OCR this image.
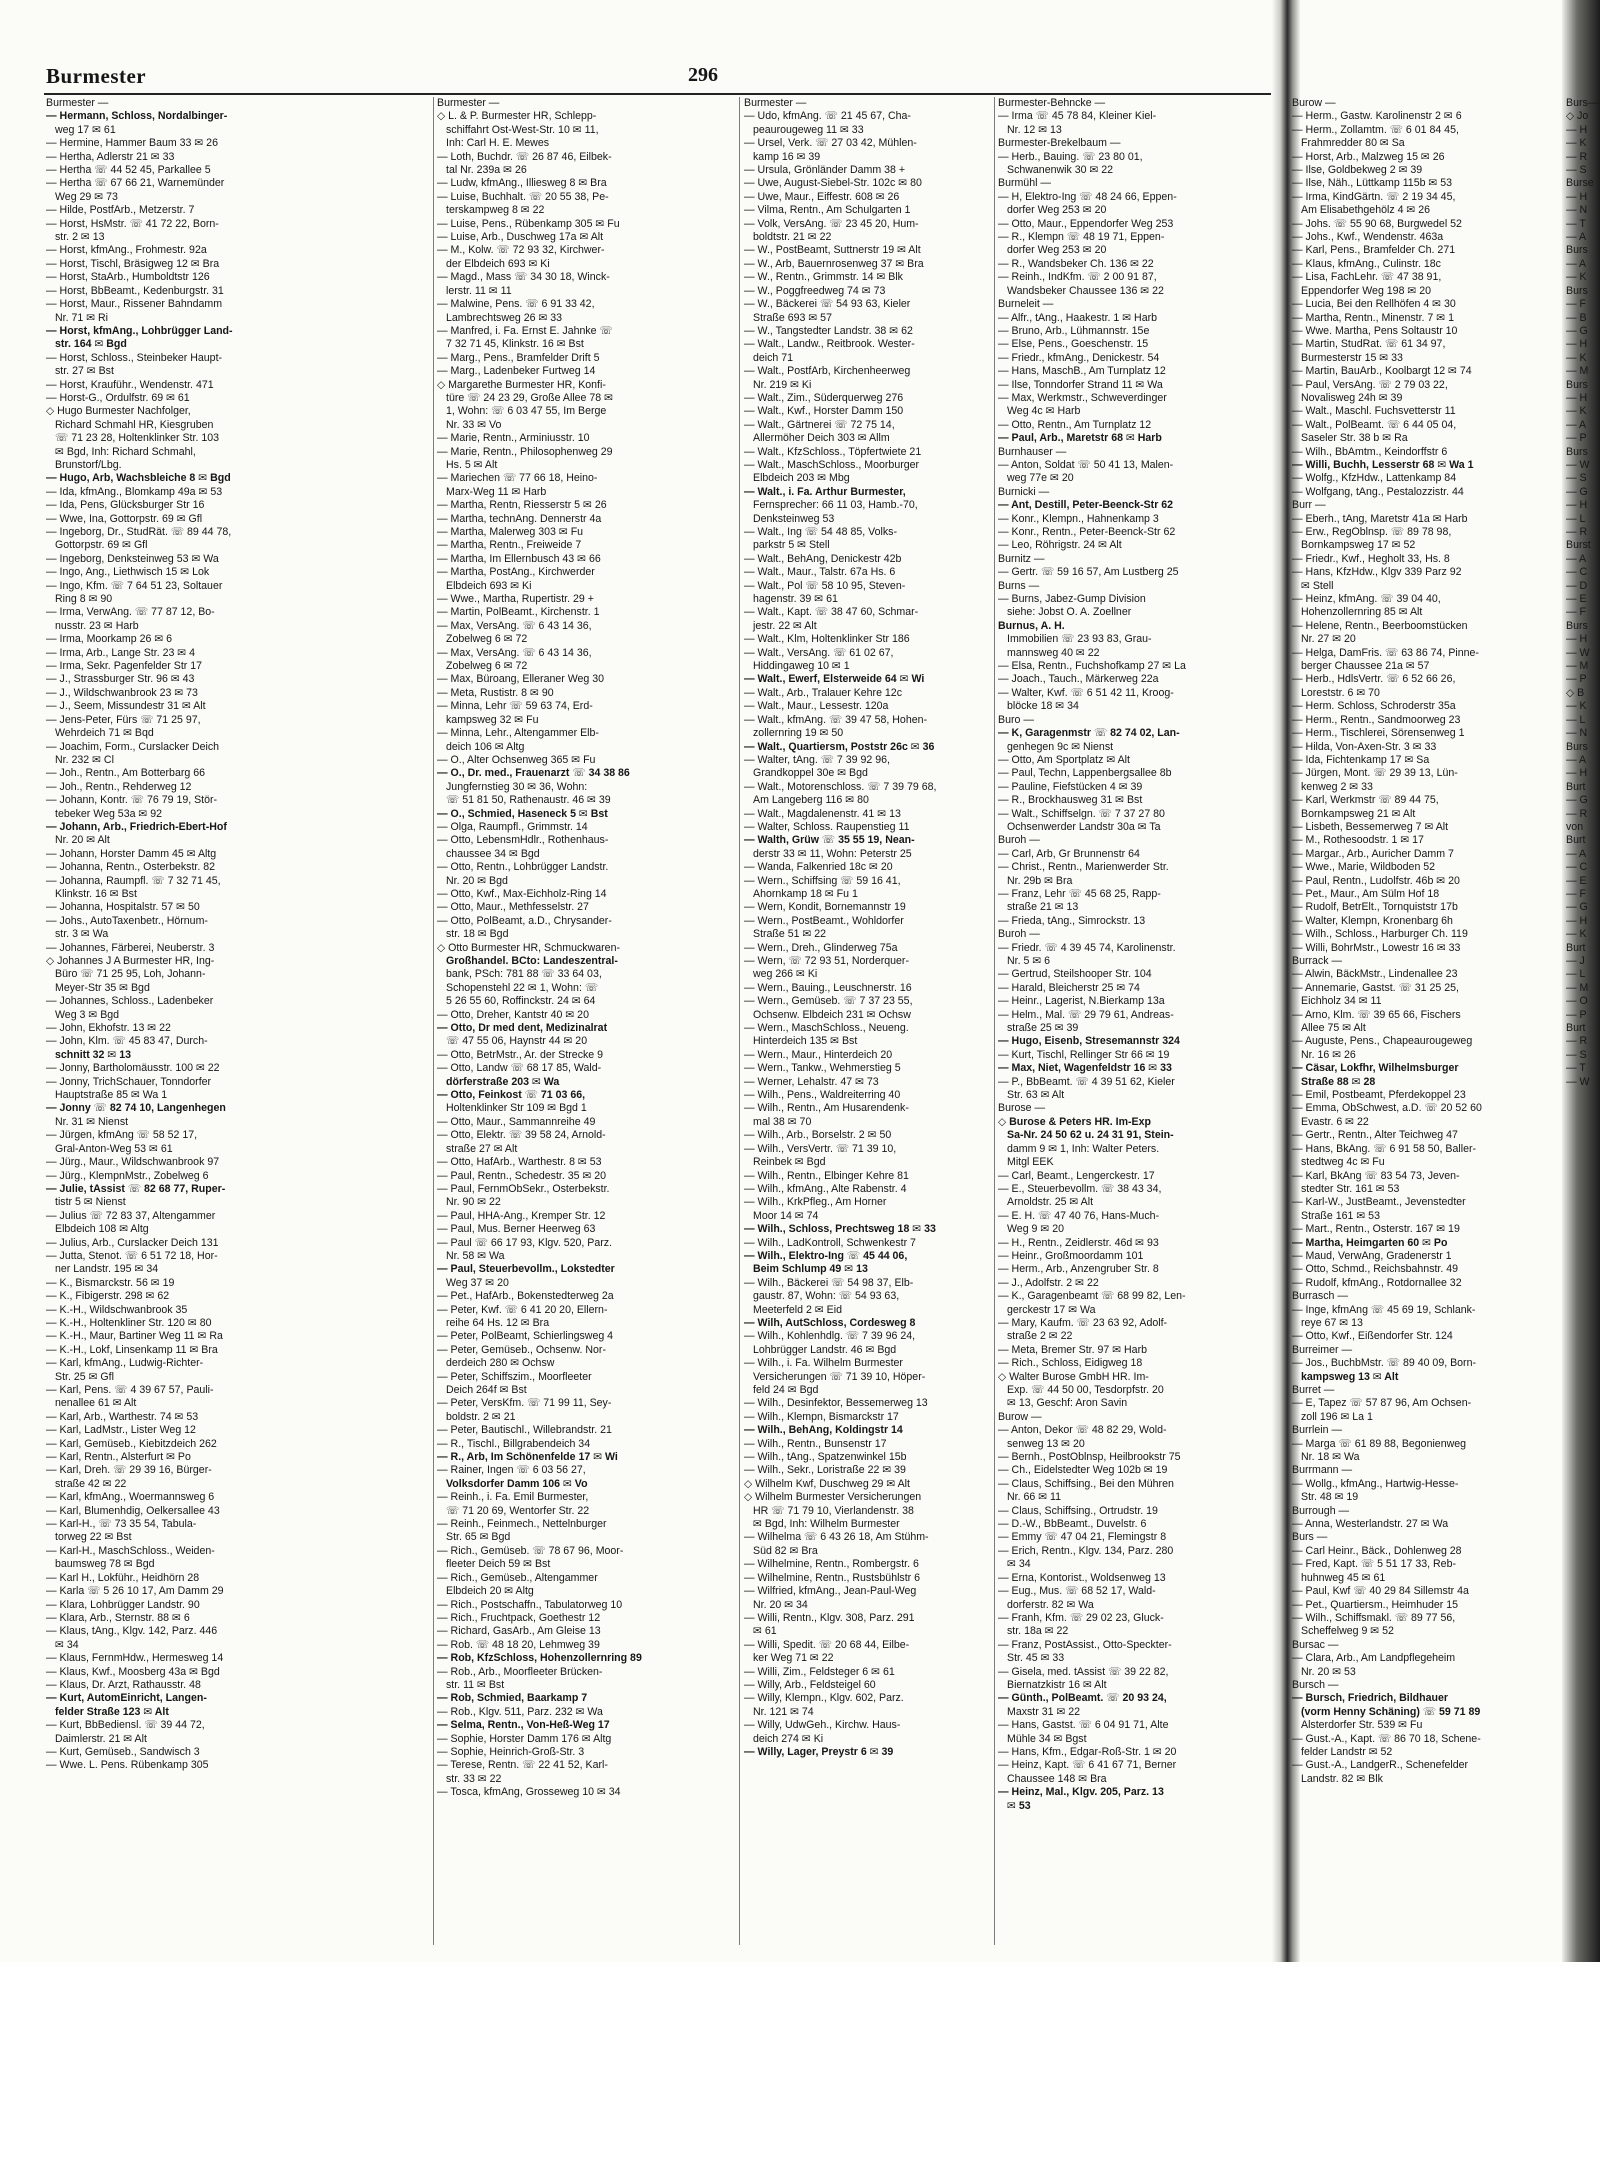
Burmester	296
Burmester —
— Hermann, Schloss, Nordalbinger-
weg 17 ✉ 61
— Hermine, Hammer Baum 33 ✉ 26
— Hertha, Adlerstr 21 ✉ 33
— Hertha ☏ 44 52 45, Parkallee 5
— Hertha ☏ 67 66 21, Warnemünder
Weg 29 ✉ 73
— Hilde, PostfArb., Metzerstr. 7
— Horst, HsMstr. ☏ 41 72 22, Born-
str. 2 ✉ 13
— Horst, kfmAng., Frohmestr. 92a
— Horst, Tischl, Bräsigweg 12 ✉ Bra
— Horst, StaArb., Humboldtstr 126
— Horst, BbBeamt., Kedenburgstr. 31
— Horst, Maur., Rissener Bahndamm
Nr. 71 ✉ Ri
— Horst, kfmAng., Lohbrügger Land-
str. 164 ✉ Bgd
— Horst, Schloss., Steinbeker Haupt-
str. 27 ✉ Bst
— Horst, Krauführ., Wendenstr. 471
— Horst-G., Ordulfstr. 69 ✉ 61
◇ Hugo Burmester Nachfolger,
Richard Schmahl HR, Kiesgruben
☏ 71 23 28, Holtenklinker Str. 103
✉ Bgd, Inh: Richard Schmahl,
Brunstorf/Lbg.
— Hugo, Arb, Wachsbleiche 8 ✉ Bgd
— Ida, kfmAng., Blomkamp 49a ✉ 53
— Ida, Pens, Glücksburger Str 16
— Wwe, Ina, Gottorpstr. 69 ✉ Gfl
— Ingeborg, Dr., StudRät. ☏ 89 44 78,
Gottorpstr. 69 ✉ Gfl
— Ingeborg, Denksteinweg 53 ✉ Wa
— Ingo, Ang., Liethwisch 15 ✉ Lok
— Ingo, Kfm. ☏ 7 64 51 23, Soltauer
Ring 8 ✉ 90
— Irma, VerwAng. ☏ 77 87 12, Bo-
nusstr. 23 ✉ Harb
— Irma, Moorkamp 26 ✉ 6
— Irma, Arb., Lange Str. 23 ✉ 4
— Irma, Sekr. Pagenfelder Str 17
— J., Strassburger Str. 96 ✉ 43
— J., Wildschwanbrook 23 ✉ 73
— J., Seem, Missundestr 31 ✉ Alt
— Jens-Peter, Fürs ☏ 71 25 97,
Wehrdeich 71 ✉ Bqd
— Joachim, Form., Curslacker Deich
Nr. 232 ✉ Cl
— Joh., Rentn., Am Botterbarg 66
— Joh., Rentn., Rehderweg 12
— Johann, Kontr. ☏ 76 79 19, Stör-
tebeker Weg 53a ✉ 92
— Johann, Arb., Friedrich-Ebert-Hof
Nr. 20 ✉ Alt
— Johann, Horster Damm 45 ✉ Altg
— Johanna, Rentn., Osterbekstr. 82
— Johanna, Raumpfl. ☏ 7 32 71 45,
Klinkstr. 16 ✉ Bst
— Johanna, Hospitalstr. 57 ✉ 50
— Johs., AutoTaxenbetr., Hörnum-
str. 3 ✉ Wa
— Johannes, Färberei, Neuberstr. 3
◇ Johannes J A Burmester HR, Ing-
Büro ☏ 71 25 95, Loh, Johann-
Meyer-Str 35 ✉ Bgd
— Johannes, Schloss., Ladenbeker
Weg 3 ✉ Bgd
— John, Ekhofstr. 13 ✉ 22
— John, Klm. ☏ 45 83 47, Durch-
schnitt 32 ✉ 13
— Jonny, Bartholomäusstr. 100 ✉ 22
— Jonny, TrichSchauer, Tonndorfer
Hauptstraße 85 ✉ Wa 1
— Jonny ☏ 82 74 10, Langenhegen
Nr. 31 ✉ Nienst
— Jürgen, kfmAng ☏ 58 52 17,
Gral-Anton-Weg 53 ✉ 61
— Jürg., Maur., Wildschwanbrook 97
— Jürg., KlempnMstr., Zobelweg 6
— Julie, tAssist ☏ 82 68 77, Ruper-
tistr 5 ✉ Nienst
— Julius ☏ 72 83 37, Altengammer
Elbdeich 108 ✉ Altg
— Julius, Arb., Curslacker Deich 131
— Jutta, Stenot. ☏ 6 51 72 18, Hor-
ner Landstr. 195 ✉ 34
— K., Bismarckstr. 56 ✉ 19
— K., Fibigerstr. 298 ✉ 62
— K.-H., Wildschwanbrook 35
— K.-H., Holtenkliner Str. 120 ✉ 80
— K.-H., Maur, Bartiner Weg 11 ✉ Ra
— K.-H., Lokf, Linsenkamp 11 ✉ Bra
— Karl, kfmAng., Ludwig-Richter-
Str. 25 ✉ Gfl
— Karl, Pens. ☏ 4 39 67 57, Pauli-
nenallee 61 ✉ Alt
— Karl, Arb., Warthestr. 74 ✉ 53
— Karl, LadMstr., Lister Weg 12
— Karl, Gemüseb., Kiebitzdeich 262
— Karl, Rentn., Alsterfurt ✉ Po
— Karl, Dreh. ☏ 29 39 16, Bürger-
straße 42 ✉ 22
— Karl, kfmAng., Woermannsweg 6
— Karl, Blumenhdig, Oelkersallee 43
— Karl-H., ☏ 73 35 54, Tabula-
torweg 22 ✉ Bst
— Karl-H., MaschSchloss., Weiden-
baumsweg 78 ✉ Bgd
— Karl H., Lokführ., Heidhörn 28
— Karla ☏ 5 26 10 17, Am Damm 29
— Klara, Lohbrügger Landstr. 90
— Klara, Arb., Sternstr. 88 ✉ 6
— Klaus, tAng., Klgv. 142, Parz. 446
✉ 34
— Klaus, FernmHdw., Hermesweg 14
— Klaus, Kwf., Moosberg 43a ✉ Bgd
— Klaus, Dr. Arzt, Rathausstr. 48
— Kurt, AutomEinricht, Langen-
felder Straße 123 ✉ Alt
— Kurt, BbBediensl. ☏ 39 44 72,
Daimlerstr. 21 ✉ Alt
— Kurt, Gemüseb., Sandwisch 3
— Wwe. L. Pens. Rübenkamp 305
Burmester —
◇ L. & P. Burmester HR, Schlepp-
schiffahrt Ost-West-Str. 10 ✉ 11,
Inh: Carl H. E. Mewes
— Loth, Buchdr. ☏ 26 87 46, Eilbek-
tal Nr. 239a ✉ 26
— Ludw, kfmAng., Illiesweg 8 ✉ Bra
— Luise, Buchhalt. ☏ 20 55 38, Pe-
terskampweg 8 ✉ 22
— Luise, Pens., Rübenkamp 305 ✉ Fu
— Luise, Arb., Duschweg 17a ✉ Alt
— M., Kolw. ☏ 72 93 32, Kirchwer-
der Elbdeich 693 ✉ Ki
— Magd., Mass ☏ 34 30 18, Winck-
lerstr. 11 ✉ 11
— Malwine, Pens. ☏ 6 91 33 42,
Lambrechtsweg 26 ✉ 33
— Manfred, i. Fa. Ernst E. Jahnke ☏
7 32 71 45, Klinkstr. 16 ✉ Bst
— Marg., Pens., Bramfelder Drift 5
— Marg., Ladenbeker Furtweg 14
◇ Margarethe Burmester HR, Konfi-
türe ☏ 24 23 29, Große Allee 78 ✉
1, Wohn: ☏ 6 03 47 55, Im Berge
Nr. 33 ✉ Vo
— Marie, Rentn., Arminiusstr. 10
— Marie, Rentn., Philosophenweg 29
Hs. 5 ✉ Alt
— Mariechen ☏ 77 66 18, Heino-
Marx-Weg 11 ✉ Harb
— Martha, Rentn, Riesserstr 5 ✉ 26
— Martha, technAng. Dennerstr 4a
— Martha, Malerweg 303 ✉ Fu
— Martha, Rentn., Freiweide 7
— Martha, Im Ellernbusch 43 ✉ 66
— Martha, PostAng., Kirchwerder
Elbdeich 693 ✉ Ki
— Wwe., Martha, Rupertistr. 29 +
— Martin, PolBeamt., Kirchenstr. 1
— Max, VersAng. ☏ 6 43 14 36,
Zobelweg 6 ✉ 72
— Max, VersAng. ☏ 6 43 14 36,
Zobelweg 6 ✉ 72
— Max, Büroang, Elleraner Weg 30
— Meta, Rustistr. 8 ✉ 90
— Minna, Lehr ☏ 59 63 74, Erd-
kampsweg 32 ✉ Fu
— Minna, Lehr., Altengammer Elb-
deich 106 ✉ Altg
— O., Alter Ochsenweg 365 ✉ Fu
— O., Dr. med., Frauenarzt ☏ 34 38 86
Jungfernstieg 30 ✉ 36, Wohn:
☏ 51 81 50, Rathenaustr. 46 ✉ 39
— O., Schmied, Haseneck 5 ✉ Bst
— Olga, Raumpfl., Grimmstr. 14
— Otto, LebensmHdlr., Rothenhaus-
chaussee 34 ✉ Bgd
— Otto, Rentn., Lohbrügger Landstr.
Nr. 20 ✉ Bgd
— Otto, Kwf., Max-Eichholz-Ring 14
— Otto, Maur., Methfesselstr. 27
— Otto, PolBeamt, a.D., Chrysander-
str. 18 ✉ Bgd
◇ Otto Burmester HR, Schmuckwaren-
Großhandel. BCto: Landeszentral-
bank, PSch: 781 88 ☏ 33 64 03,
Schopenstehl 22 ✉ 1, Wohn: ☏
5 26 55 60, Roffinckstr. 24 ✉ 64
— Otto, Dreher, Kantstr 40 ✉ 20
— Otto, Dr med dent, Medizinalrat
☏ 47 55 06, Haynstr 44 ✉ 20
— Otto, BetrMstr., Ar. der Strecke 9
— Otto, Landw ☏ 68 17 85, Wald-
dörferstraße 203 ✉ Wa
— Otto, Feinkost ☏ 71 03 66,
Holtenklinker Str 109 ✉ Bgd 1
— Otto, Maur., Sammannreihe 49
— Otto, Elektr. ☏ 39 58 24, Arnold-
straße 27 ✉ Alt
— Otto, HafArb., Warthestr. 8 ✉ 53
— Paul, Rentn., Schedestr. 35 ✉ 20
— Paul, FernmObSekr., Osterbekstr.
Nr. 90 ✉ 22
— Paul, HHA-Ang., Kremper Str. 12
— Paul, Mus. Berner Heerweg 63
— Paul ☏ 66 17 93, Klgv. 520, Parz.
Nr. 58 ✉ Wa
— Paul, Steuerbevollm., Lokstedter
Weg 37 ✉ 20
— Pet., HafArb., Bokenstedterweg 2a
— Peter, Kwf. ☏ 6 41 20 20, Ellern-
reihe 64 Hs. 12 ✉ Bra
— Peter, PolBeamt, Schierlingsweg 4
— Peter, Gemüseb., Ochsenw. Nor-
derdeich 280 ✉ Ochsw
— Peter, Schiffszim., Moorfleeter
Deich 264f ✉ Bst
— Peter, VersKfm. ☏ 71 99 11, Sey-
boldstr. 2 ✉ 21
— Peter, Bautischl., Willebrandstr. 21
— R., Tischl., Billgrabendeich 34
— R., Arb, Im Schönenfelde 17 ✉ Wi
— Rainer, Ingen ☏ 6 03 56 27,
Volksdorfer Damm 106 ✉ Vo
— Reinh., i. Fa. Emil Burmester,
☏ 71 20 69, Wentorfer Str. 22
— Reinh., Feinmech., Nettelnburger
Str. 65 ✉ Bgd
— Rich., Gemüseb. ☏ 78 67 96, Moor-
fleeter Deich 59 ✉ Bst
— Rich., Gemüseb., Altengammer
Elbdeich 20 ✉ Altg
— Rich., Postschaffn., Tabulatorweg 10
— Rich., Fruchtpack, Goethestr 12
— Richard, GasArb., Am Gleise 13
— Rob. ☏ 48 18 20, Lehmweg 39
— Rob, KfzSchloss, Hohenzollernring 89
— Rob., Arb., Moorfleeter Brücken-
str. 11 ✉ Bst
— Rob, Schmied, Baarkamp 7
— Rob., Klgv. 511, Parz. 232 ✉ Wa
— Selma, Rentn., Von-Heß-Weg 17
— Sophie, Horster Damm 176 ✉ Altg
— Sophie, Heinrich-Groß-Str. 3
— Terese, Rentn. ☏ 22 41 52, Karl-
str. 33 ✉ 22
— Tosca, kfmAng, Grosseweg 10 ✉ 34
Burmester —
— Udo, kfmAng. ☏ 21 45 67, Cha-
peaurougeweg 11 ✉ 33
— Ursel, Verk. ☏ 27 03 42, Mühlen-
kamp 16 ✉ 39
— Ursula, Grönländer Damm 38 +
— Uwe, August-Siebel-Str. 102c ✉ 80
— Uwe, Maur., Eiffestr. 608 ✉ 26
— Vilma, Rentn., Am Schulgarten 1
— Volk, VersAng. ☏ 23 45 20, Hum-
boldtstr. 21 ✉ 22
— W., PostBeamt, Suttnerstr 19 ✉ Alt
— W., Arb, Bauernrosenweg 37 ✉ Bra
— W., Rentn., Grimmstr. 14 ✉ Blk
— W., Poggfreedweg 74 ✉ 73
— W., Bäckerei ☏ 54 93 63, Kieler
Straße 693 ✉ 57
— W., Tangstedter Landstr. 38 ✉ 62
— Walt., Landw., Reitbrook. Wester-
deich 71
— Walt., PostfArb, Kirchenheerweg
Nr. 219 ✉ Ki
— Walt., Zim., Süderquerweg 276
— Walt., Kwf., Horster Damm 150
— Walt., Gärtnerei ☏ 72 75 14,
Allermöher Deich 303 ✉ Allm
— Walt., KfzSchloss., Töpfertwiete 21
— Walt., MaschSchloss., Moorburger
Elbdeich 203 ✉ Mbg
— Walt., i. Fa. Arthur Burmester,
Fernsprecher: 66 11 03, Hamb.-70,
Denksteinweg 53
— Walt., Ing ☏ 54 48 85, Volks-
parkstr 5 ✉ Stell
— Walt., BehAng, Denickestr 42b
— Walt., Maur., Talstr. 67a Hs. 6
— Walt., Pol ☏ 58 10 95, Steven-
hagenstr. 39 ✉ 61
— Walt., Kapt. ☏ 38 47 60, Schmar-
jestr. 22 ✉ Alt
— Walt., Klm, Holtenklinker Str 186
— Walt., VersAng. ☏ 61 02 67,
Hiddingaweg 10 ✉ 1
— Walt., Ewerf, Elsterweide 64 ✉ Wi
— Walt., Arb., Tralauer Kehre 12c
— Walt., Maur., Lessestr. 120a
— Walt., kfmAng. ☏ 39 47 58, Hohen-
zollernring 19 ✉ 50
— Walt., Quartiersm, Poststr 26c ✉ 36
— Walter, tAng. ☏ 7 39 92 96,
Grandkoppel 30e ✉ Bgd
— Walt., Motorenschloss. ☏ 7 39 79 68,
Am Langeberg 116 ✉ 80
— Walt., Magdalenenstr. 41 ✉ 13
— Walter, Schloss. Raupenstieg 11
— Walth, Grüw ☏ 35 55 19, Nean-
derstr 33 ✉ 11, Wohn: Peterstr 25
— Wanda, Falkenried 18c ✉ 20
— Wern., Schiffsing ☏ 59 16 41,
Ahornkamp 18 ✉ Fu 1
— Wern, Kondit, Bornemannstr 19
— Wern., PostBeamt., Wohldorfer
Straße 51 ✉ 22
— Wern., Dreh., Glinderweg 75a
— Wern, ☏ 72 93 51, Norderquer-
weg 266 ✉ Ki
— Wern., Bauing., Leuschnerstr. 16
— Wern., Gemüseb. ☏ 7 37 23 55,
Ochsenw. Elbdeich 231 ✉ Ochsw
— Wern., MaschSchloss., Neueng.
Hinterdeich 135 ✉ Bst
— Wern., Maur., Hinterdeich 20
— Wern., Tankw., Wehmerstieg 5
— Werner, Lehalstr. 47 ✉ 73
— Wilh., Pens., Waldreiterring 40
— Wilh., Rentn., Am Husarendenk-
mal 38 ✉ 70
— Wilh., Arb., Borselstr. 2 ✉ 50
— Wilh., VersVertr. ☏ 71 39 10,
Reinbek ✉ Bgd
— Wilh., Rentn., Elbinger Kehre 81
— Wilh., kfmAng., Alte Rabenstr. 4
— Wilh., KrkPfleg., Am Horner
Moor 14 ✉ 74
— Wilh., Schloss, Prechtsweg 18 ✉ 33
— Wilh., LadKontroll, Schwenkestr 7
— Wilh., Elektro-Ing ☏ 45 44 06,
Beim Schlump 49 ✉ 13
— Wilh., Bäckerei ☏ 54 98 37, Elb-
gaustr. 87, Wohn: ☏ 54 93 63,
Meeterfeld 2 ✉ Eid
— Wilh, AutSchloss, Cordesweg 8
— Wilh., Kohlenhdlg. ☏ 7 39 96 24,
Lohbrügger Landstr. 46 ✉ Bgd
— Wilh., i. Fa. Wilhelm Burmester
Versicherungen ☏ 71 39 10, Höper-
feld 24 ✉ Bgd
— Wilh., Desinfektor, Bessemerweg 13
— Wilh., Klempn, Bismarckstr 17
— Wilh., BehAng, Koldingstr 14
— Wilh., Rentn., Bunsenstr 17
— Wilh., tAng., Spatzenwinkel 15b
— Wilh., Sekr., Loristraße 22 ✉ 39
◇ Wilhelm Kwf, Duschweg 29 ✉ Alt
◇ Wilhelm Burmester Versicherungen
HR ☏ 71 79 10, Vierlandenstr. 38
✉ Bgd, Inh: Wilhelm Burmester
— Wilhelma ☏ 6 43 26 18, Am Stühm-
Süd 82 ✉ Bra
— Wilhelmine, Rentn., Rombergstr. 6
— Wilhelmine, Rentn., Rustsbühlstr 6
— Wilfried, kfmAng., Jean-Paul-Weg
Nr. 20 ✉ 34
— Willi, Rentn., Klgv. 308, Parz. 291
✉ 61
— Willi, Spedit. ☏ 20 68 44, Eilbe-
ker Weg 71 ✉ 22
— Willi, Zim., Feldsteger 6 ✉ 61
— Willy, Arb., Feldsteigel 60
— Willy, Klempn., Klgv. 602, Parz.
Nr. 121 ✉ 74
— Willy, UdwGeh., Kirchw. Haus-
deich 274 ✉ Ki
— Willy, Lager, Preystr 6 ✉ 39
Burmester-Behncke —
— Irma ☏ 45 78 84, Kleiner Kiel-
Nr. 12 ✉ 13
Burmester-Brekelbaum —
— Herb., Bauing. ☏ 23 80 01,
Schwanenwik 30 ✉ 22
Burmühl —
— H, Elektro-Ing ☏ 48 24 66, Eppen-
dorfer Weg 253 ✉ 20
— Otto, Maur., Eppendorfer Weg 253
— R., Klempn ☏ 48 19 71, Eppen-
dorfer Weg 253 ✉ 20
— R., Wandsbeker Ch. 136 ✉ 22
— Reinh., IndKfm. ☏ 2 00 91 87,
Wandsbeker Chaussee 136 ✉ 22
Burneleit —
— Alfr., tAng., Haakestr. 1 ✉ Harb
— Bruno, Arb., Lühmannstr. 15e
— Else, Pens., Goeschenstr. 15
— Friedr., kfmAng., Denickestr. 54
— Hans, MaschB., Am Turnplatz 12
— Ilse, Tonndorfer Strand 11 ✉ Wa
— Max, Werkmstr., Schweverdinger
Weg 4c ✉ Harb
— Otto, Rentn., Am Turnplatz 12
— Paul, Arb., Maretstr 68 ✉ Harb
Burnhauser —
— Anton, Soldat ☏ 50 41 13, Malen-
weg 77e ✉ 20
Burnicki —
— Ant, Destill, Peter-Beenck-Str 62
— Konr., Klempn., Hahnenkamp 3
— Konr., Rentn., Peter-Beenck-Str 62
— Leo, Röhrigstr. 24 ✉ Alt
Burnitz —
— Gertr. ☏ 59 16 57, Am Lustberg 25
Burns —
— Burns, Jabez-Gump Division
siehe: Jobst O. A. Zoellner
Burnus, A. H.
Immobilien ☏ 23 93 83, Grau-
mannsweg 40 ✉ 22
— Elsa, Rentn., Fuchshofkamp 27 ✉ La
— Joach., Tauch., Märkerweg 22a
— Walter, Kwf. ☏ 6 51 42 11, Kroog-
blöcke 18 ✉ 34
Buro —
— K, Garagenmstr ☏ 82 74 02, Lan-
genhegen 9c ✉ Nienst
— Otto, Am Sportplatz ✉ Alt
— Paul, Techn, Lappenbergsallee 8b
— Pauline, Fiefstücken 4 ✉ 39
— R., Brockhausweg 31 ✉ Bst
— Walt., Schiffselgn. ☏ 7 37 27 80
Ochsenwerder Landstr 30a ✉ Ta
Buroh —
— Carl, Arb, Gr Brunnenstr 64
— Christ., Rentn., Marienwerder Str.
Nr. 29b ✉ Bra
— Franz, Lehr ☏ 45 68 25, Rapp-
straße 21 ✉ 13
— Frieda, tAng., Simrockstr. 13
Buroh —
— Friedr. ☏ 4 39 45 74, Karolinenstr.
Nr. 5 ✉ 6
— Gertrud, Steilshooper Str. 104
— Harald, Bleicherstr 25 ✉ 74
— Heinr., Lagerist, N.Bierkamp 13a
— Helm., Mal. ☏ 29 79 61, Andreas-
straße 25 ✉ 39
— Hugo, Eisenb, Stresemannstr 324
— Kurt, Tischl, Rellinger Str 66 ✉ 19
— Max, Niet, Wagenfeldstr 16 ✉ 33
— P., BbBeamt. ☏ 4 39 51 62, Kieler
Str. 63 ✉ Alt
Burose —
◇ Burose & Peters HR. Im-Exp
Sa-Nr. 24 50 62 u. 24 31 91, Stein-
damm 9 ✉ 1, Inh: Walter Peters.
Mitgl EEK
— Carl, Beamt., Lengerckestr. 17
— E., Steuerbevollm. ☏ 38 43 34,
Arnoldstr. 25 ✉ Alt
— E. H. ☏ 47 40 76, Hans-Much-
Weg 9 ✉ 20
— H., Rentn., Zeidlerstr. 46d ✉ 93
— Heinr., Großmoordamm 101
— Herm., Arb., Anzengruber Str. 8
— J., Adolfstr. 2 ✉ 22
— K., Garagenbeamt ☏ 68 99 82, Len-
gerckestr 17 ✉ Wa
— Mary, Kaufm. ☏ 23 63 92, Adolf-
straße 2 ✉ 22
— Meta, Bremer Str. 97 ✉ Harb
— Rich., Schloss, Eidigweg 18
◇ Walter Burose GmbH HR. Im-
Exp. ☏ 44 50 00, Tesdorpfstr. 20
✉ 13, Geschf: Aron Savin
Burow —
— Anton, Dekor ☏ 48 82 29, Wold-
senweg 13 ✉ 20
— Bernh., PostOblnsp, Heilbrookstr 75
— Ch., Eidelstedter Weg 102b ✉ 19
— Claus, Schiffsing., Bei den Mühren
Nr. 66 ✉ 11
— Claus, Schiffsing., Ortrudstr. 19
— D.-W., BbBeamt., Duvelstr. 6
— Emmy ☏ 47 04 21, Flemingstr 8
— Erich, Rentn., Klgv. 134, Parz. 280
✉ 34
— Erna, Kontorist., Woldsenweg 13
— Eug., Mus. ☏ 68 52 17, Wald-
dorferstr. 82 ✉ Wa
— Franh, Kfm. ☏ 29 02 23, Gluck-
str. 18a ✉ 22
— Franz, PostAssist., Otto-Speckter-
Str. 45 ✉ 33
— Gisela, med. tAssist ☏ 39 22 82,
Biernatzkistr 16 ✉ Alt
— Günth., PolBeamt. ☏ 20 93 24,
Maxstr 31 ✉ 22
— Hans, Gastst. ☏ 6 04 91 71, Alte
Mühle 34 ✉ Bgst
— Hans, Kfm., Edgar-Roß-Str. 1 ✉ 20
— Heinz, Kapt. ☏ 6 41 67 71, Berner
Chaussee 148 ✉ Bra
— Heinz, Mal., Klgv. 205, Parz. 13
✉ 53
Burow —
— Herm., Gastw. Karolinenstr 2 ✉ 6
— Herm., Zollamtm. ☏ 6 01 84 45,
Frahmredder 80 ✉ Sa
— Horst, Arb., Malzweg 15 ✉ 26
— Ilse, Goldbekweg 2 ✉ 39
— Ilse, Näh., Lüttkamp 115b ✉ 53
— Irma, KindGärtn. ☏ 2 19 34 45,
Am Elisabethgehölz 4 ✉ 26
— Johs. ☏ 55 90 68, Burgwedel 52
— Johs., Kwf., Wendenstr. 463a
— Karl, Pens., Bramfelder Ch. 271
— Klaus, kfmAng., Culinstr. 18c
— Lisa, FachLehr. ☏ 47 38 91,
Eppendorfer Weg 198 ✉ 20
— Lucia, Bei den Rellhöfen 4 ✉ 30
— Martha, Rentn., Minenstr. 7 ✉ 1
— Wwe. Martha, Pens Soltaustr 10
— Martin, StudRat. ☏ 61 34 97,
Burmesterstr 15 ✉ 33
— Martin, BauArb., Koolbargt 12 ✉ 74
— Paul, VersAng. ☏ 2 79 03 22,
Novalisweg 24h ✉ 39
— Walt., Maschl. Fuchsvetterstr 11
— Walt., PolBeamt. ☏ 6 44 05 04,
Saseler Str. 38 b ✉ Ra
— Wilh., BbAmtm., Keindorffstr 6
— Willi, Buchh, Lesserstr 68 ✉ Wa 1
— Wolfg., KfzHdw., Lattenkamp 84
— Wolfgang, tAng., Pestalozzistr. 44
Burr —
— Eberh., tAng, Maretstr 41a ✉ Harb
— Erw., RegOblnsp. ☏ 89 78 98,
Bornkampsweg 17 ✉ 52
— Friedr., Kwf., Hegholt 33, Hs. 8
— Hans, KfzHdw., Klgv 339 Parz 92
✉ Stell
— Heinz, kfmAng. ☏ 39 04 40,
Hohenzollernring 85 ✉ Alt
— Helene, Rentn., Beerboomstücken
Nr. 27 ✉ 20
— Helga, DamFris. ☏ 63 86 74, Pinne-
berger Chaussee 21a ✉ 57
— Herb., HdlsVertr. ☏ 6 52 66 26,
Loreststr. 6 ✉ 70
— Herm. Schloss, Schroderstr 35a
— Herm., Rentn., Sandmoorweg 23
— Herm., Tischlerei, Sörensenweg 1
— Hilda, Von-Axen-Str. 3 ✉ 33
— Ida, Fichtenkamp 17 ✉ Sa
— Jürgen, Mont. ☏ 29 39 13, Lün-
kenweg 2 ✉ 33
— Karl, Werkmstr ☏ 89 44 75,
Bornkampsweg 21 ✉ Alt
— Lisbeth, Bessemerweg 7 ✉ Alt
— M., Rothesoodstr. 1 ✉ 17
— Margar., Arb., Auricher Damm 7
— Wwe., Marie, Wildboden 52
— Paul, Rentn., Ludolfstr. 46b ✉ 20
— Pet., Maur., Am Sülm Hof 18
— Rudolf, BetrElt., Tornquiststr 17b
— Walter, Klempn, Kronenbarg 6h
— Wilh., Schloss., Harburger Ch. 119
— Willi, BohrMstr., Lowestr 16 ✉ 33
Burrack —
— Alwin, BäckMstr., Lindenallee 23
— Annemarie, Gastst. ☏ 31 25 25,
Eichholz 34 ✉ 11
— Arno, Klm. ☏ 39 65 66, Fischers
Allee 75 ✉ Alt
— Auguste, Pens., Chapeaurougeweg
Nr. 16 ✉ 26
— Cäsar, Lokfhr, Wilhelmsburger
Straße 88 ✉ 28
— Emil, Postbeamt, Pferdekoppel 23
— Emma, ObSchwest, a.D. ☏ 20 52 60
Evastr. 6 ✉ 22
— Gertr., Rentn., Alter Teichweg 47
— Hans, BkAng. ☏ 6 91 58 50, Baller-
stedtweg 4c ✉ Fu
— Karl, BkAng ☏ 83 54 73, Jeven-
stedter Str. 161 ✉ 53
— Karl-W., JustBeamt., Jevenstedter
Straße 161 ✉ 53
— Mart., Rentn., Osterstr. 167 ✉ 19
— Martha, Heimgarten 60 ✉ Po
— Maud, VerwAng, Gradenerstr 1
— Otto, Schmd., Reichsbahnstr. 49
— Rudolf, kfmAng., Rotdornallee 32
Burrasch —
— Inge, kfmAng ☏ 45 69 19, Schlank-
reye 67 ✉ 13
— Otto, Kwf., Eißendorfer Str. 124
Burreimer —
— Jos., BuchbMstr. ☏ 89 40 09, Born-
kampsweg 13 ✉ Alt
Burret —
— E, Tapez ☏ 57 87 96, Am Ochsen-
zoll 196 ✉ La 1
Burrlein —
— Marga ☏ 61 89 88, Begonienweg
Nr. 18 ✉ Wa
Burrmann —
— Wollg., kfmAng., Hartwig-Hesse-
Str. 48 ✉ 19
Burrough —
— Anna, Westerlandstr. 27 ✉ Wa
Burs —
— Carl Heinr., Bäck., Dohlenweg 28
— Fred, Kapt. ☏ 5 51 17 33, Reb-
huhnweg 45 ✉ 61
— Paul, Kwf ☏ 40 29 84 Sillemstr 4a
— Pet., Quartiersm., Heimhuder 15
— Wilh., Schiffsmakl. ☏ 89 77 56,
Scheffelweg 9 ✉ 52
Bursac —
— Clara, Arb., Am Landpflegeheim
Nr. 20 ✉ 53
Bursch —
— Bursch, Friedrich, Bildhauer
(vorm Henny Schäning) ☏ 59 71 89
Alsterdorfer Str. 539 ✉ Fu
— Gust.-A., Kapt. ☏ 86 70 18, Schene-
felder Landstr ✉ 52
— Gust.-A., LandgerR., Schenefelder
Landstr. 82 ✉ Blk
Burs—
◇ Jo
— H
— K
— R
— S
Burse
— H
— N
— T
— A
Burs
— A
— K
Burs
— F
— B
— G
— H
— K
— M
Burs
— H
— K
— A
— P
Burs
— W
— S
— G
— H
— L
— R
Burst
— A
— C
— D
— E
— F
Burs
— H
— W
— M
— P
◇ B
— K
— L
— N
Burs
— A
— H
Burt
— G
— R
von
Burt
— A
— C
— E
— F
— G
— H
— K
Burt
— J
— L
— M
— O
— P
Burt
— R
— S
— T
— W
